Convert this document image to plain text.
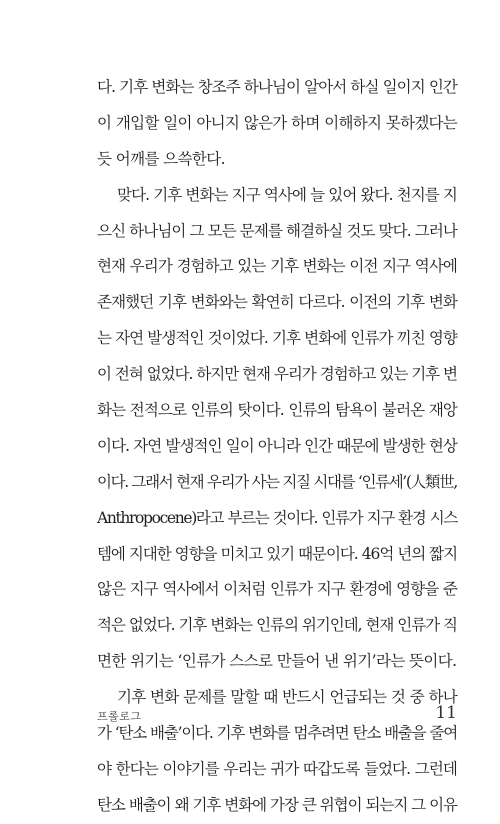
다. 기후 변화는 창조주 하나님이 알아서 하실 일이지 인간
이 개입할 일이 아니지 않은가 하며 이해하지 못하겠다는
듯 어깨를 으쓱한다.
맞다. 기후 변화는 지구 역사에 늘 있어 왔다. 천지를 지
으신 하나님이 그 모든 문제를 해결하실 것도 맞다. 그러나
현재 우리가 경험하고 있는 기후 변화는 이전 지구 역사에
존재했던 기후 변화와는 확연히 다르다. 이전의 기후 변화
는 자연 발생적인 것이었다. 기후 변화에 인류가 끼친 영향
이 전혀 없었다. 하지만 현재 우리가 경험하고 있는 기후 변
화는 전적으로 인류의 탓이다. 인류의 탐욕이 불러온 재앙
이다. 자연 발생적인 일이 아니라 인간 때문에 발생한 현상
이다. 그래서 현재 우리가 사는 지질 시대를 ‘인류세’(人類世,
Anthropocene)라고 부르는 것이다. 인류가 지구 환경 시스
템에 지대한 영향을 미치고 있기 때문이다. 46억 년의 짧지
않은 지구 역사에서 이처럼 인류가 지구 환경에 영향을 준
적은 없었다. 기후 변화는 인류의 위기인데, 현재 인류가 직
면한 위기는 ‘인류가 스스로 만들어 낸 위기’라는 뜻이다.
기후 변화 문제를 말할 때 반드시 언급되는 것 중 하나
가 ‘탄소 배출’이다. 기후 변화를 멈추려면 탄소 배출을 줄여
야 한다는 이야기를 우리는 귀가 따갑도록 들었다. 그런데
탄소 배출이 왜 기후 변화에 가장 큰 위협이 되는지 그 이유
프롤로그	11
